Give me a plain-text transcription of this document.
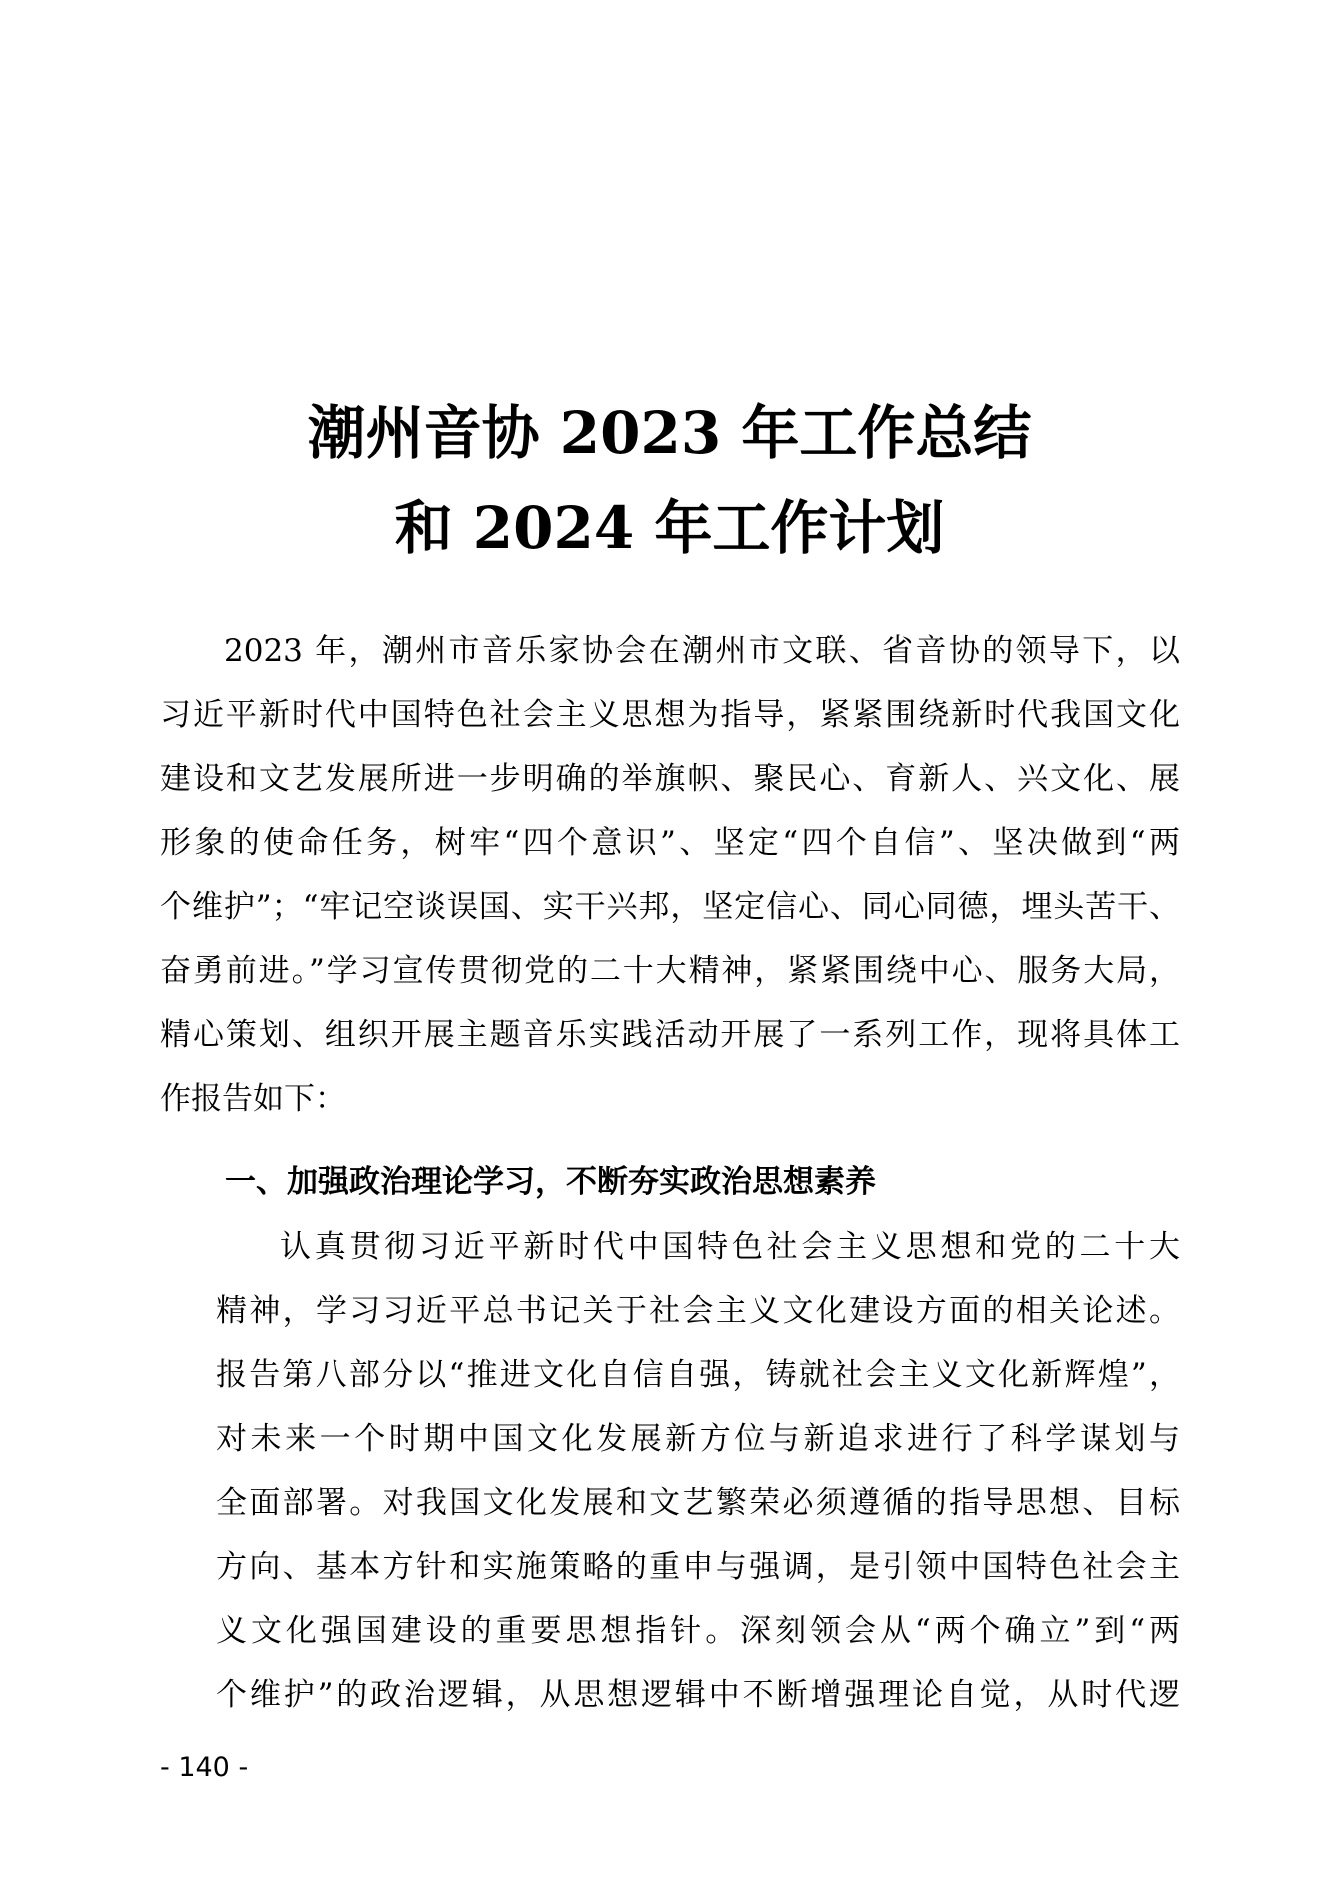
潮州音协 2023 年工作总结
和 2024 年工作计划

2023 年，潮州市音乐家协会在潮州市文联、省音协的领导下，以
习近平新时代中国特色社会主义思想为指导，紧紧围绕新时代我国文化
建设和文艺发展所进一步明确的举旗帜、聚民心、育新人、兴文化、展
形象的使命任务，树牢“四个意识”、坚定“四个自信”、坚决做到“两
个维护”；“牢记空谈误国、实干兴邦，坚定信心、同心同德，埋头苦干、
奋勇前进。”学习宣传贯彻党的二十大精神，紧紧围绕中心、服务大局，
精心策划、组织开展主题音乐实践活动开展了一系列工作，现将具体工
作报告如下：

一、加强政治理论学习，不断夯实政治思想素养

认真贯彻习近平新时代中国特色社会主义思想和党的二十大
精神，学习习近平总书记关于社会主义文化建设方面的相关论述。
报告第八部分以“推进文化自信自强，铸就社会主义文化新辉煌”，
对未来一个时期中国文化发展新方位与新追求进行了科学谋划与
全面部署。对我国文化发展和文艺繁荣必须遵循的指导思想、目标
方向、基本方针和实施策略的重申与强调，是引领中国特色社会主
义文化强国建设的重要思想指针。深刻领会从“两个确立”到“两
个维护”的政治逻辑，从思想逻辑中不断增强理论自觉，从时代逻

- 140 -
